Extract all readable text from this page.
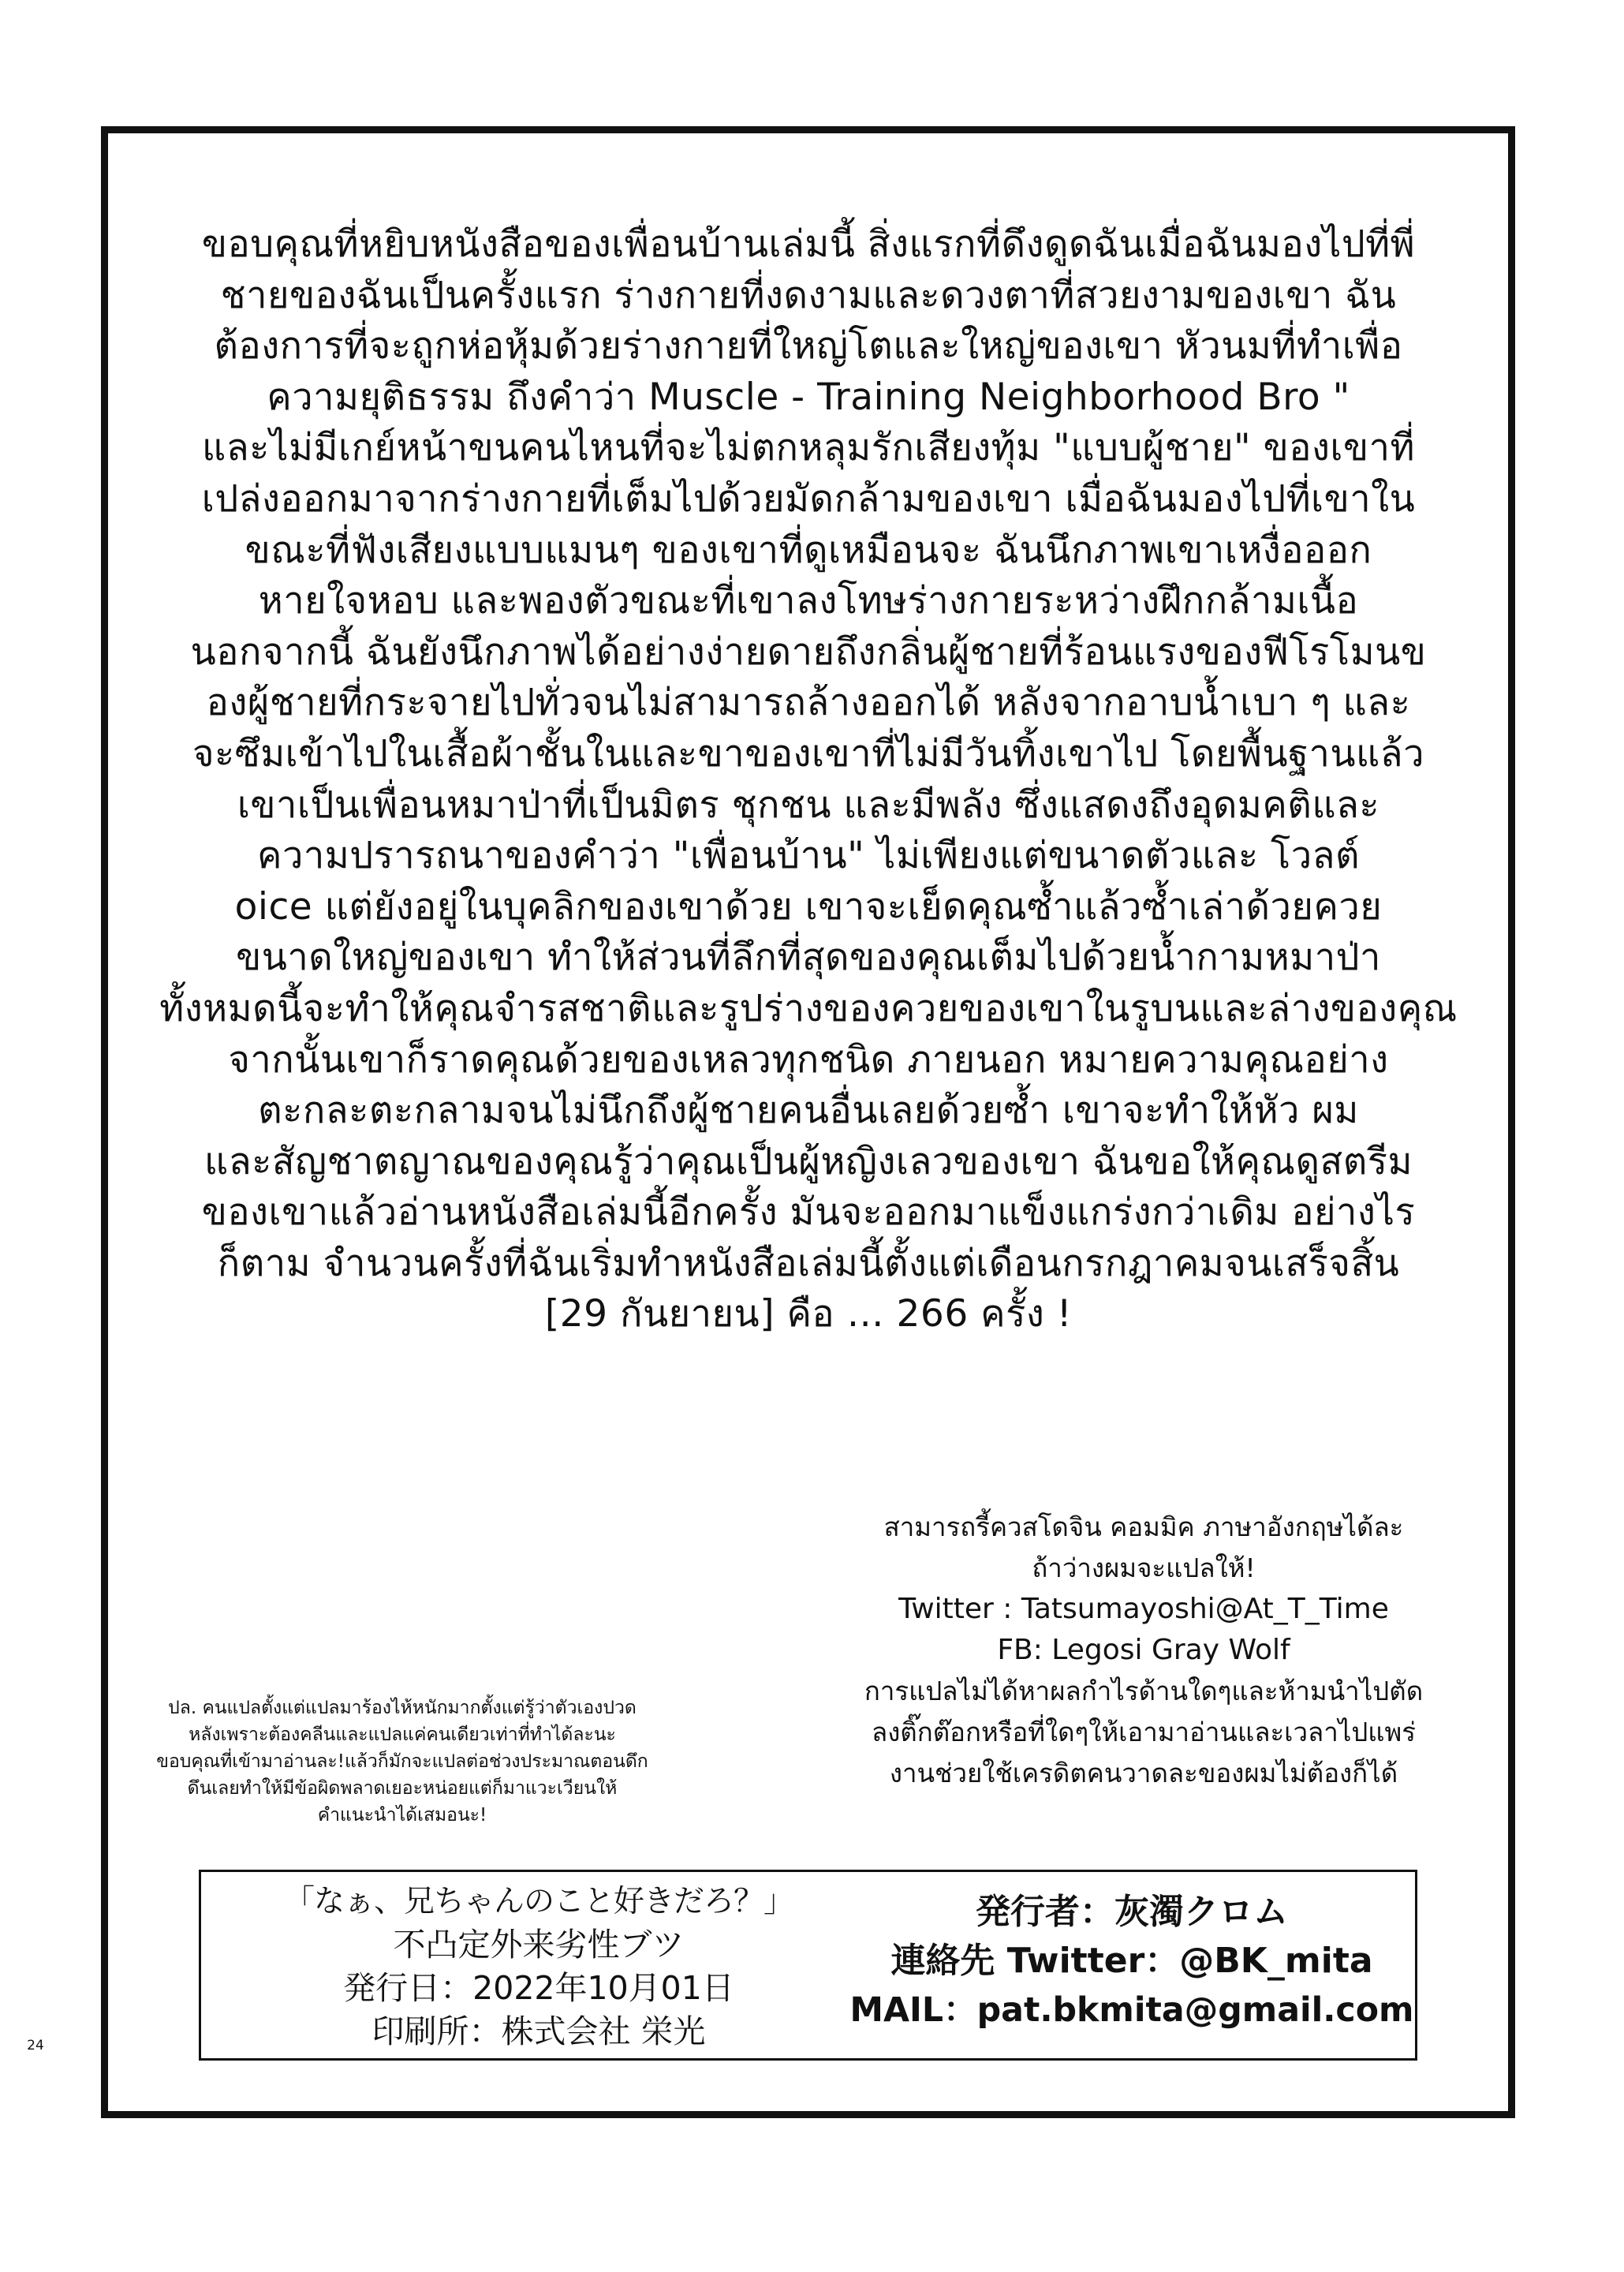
ขอบคุณที่หยิบหนังสือของเพื่อนบ้านเล่มนี้ สิ่งแรกที่ดึงดูดฉันเมื่อฉันมองไปที่พี่
ชายของฉันเป็นครั้งแรก ร่างกายที่งดงามและดวงตาที่สวยงามของเขา ฉัน
ต้องการที่จะถูกห่อหุ้มด้วยร่างกายที่ใหญ่โตและใหญ่ของเขา หัวนมที่ทำเพื่อ
ความยุติธรรม ถึงคำว่า Muscle - Training Neighborhood Bro "
และไม่มีเกย์หน้าขนคนไหนที่จะไม่ตกหลุมรักเสียงทุ้ม "แบบผู้ชาย" ของเขาที่
เปล่งออกมาจากร่างกายที่เต็มไปด้วยมัดกล้ามของเขา เมื่อฉันมองไปที่เขาใน
ขณะที่ฟังเสียงแบบแมนๆ ของเขาที่ดูเหมือนจะ ฉันนึกภาพเขาเหงื่อออก
หายใจหอบ และพองตัวขณะที่เขาลงโทษร่างกายระหว่างฝึกกล้ามเนื้อ
นอกจากนี้ ฉันยังนึกภาพได้อย่างง่ายดายถึงกลิ่นผู้ชายที่ร้อนแรงของฟีโรโมนข
องผู้ชายที่กระจายไปทั่วจนไม่สามารถล้างออกได้ หลังจากอาบน้ำเบา ๆ และ
จะซึมเข้าไปในเสื้อผ้าชั้นในและขาของเขาที่ไม่มีวันทิ้งเขาไป โดยพื้นฐานแล้ว
เขาเป็นเพื่อนหมาป่าที่เป็นมิตร ชุกชน และมีพลัง ซึ่งแสดงถึงอุดมคติและ
ความปรารถนาของคำว่า "เพื่อนบ้าน" ไม่เพียงแต่ขนาดตัวและ โวลต์
oice แต่ยังอยู่ในบุคลิกของเขาด้วย เขาจะเย็ดคุณซ้ำแล้วซ้ำเล่าด้วยควย
ขนาดใหญ่ของเขา ทำให้ส่วนที่ลึกที่สุดของคุณเต็มไปด้วยน้ำกามหมาป่า
ทั้งหมดนี้จะทำให้คุณจำรสชาติและรูปร่างของควยของเขาในรูบนและล่างของคุณ
จากนั้นเขาก็ราดคุณด้วยของเหลวทุกชนิด ภายนอก หมายความคุณอย่าง
ตะกละตะกลามจนไม่นึกถึงผู้ชายคนอื่นเลยด้วยซ้ำ เขาจะทำให้หัว ผม
และสัญชาตญาณของคุณรู้ว่าคุณเป็นผู้หญิงเลวของเขา ฉันขอให้คุณดูสตรีม
ของเขาแล้วอ่านหนังสือเล่มนี้อีกครั้ง มันจะออกมาแข็งแกร่งกว่าเดิม อย่างไร
ก็ตาม จำนวนครั้งที่ฉันเริ่มทำหนังสือเล่มนี้ตั้งแต่เดือนกรกฎาคมจนเสร็จสิ้น
[29 กันยายน] คือ … 266 ครั้ง !
สามารถรี้ควสโดจิน คอมมิค ภาษาอังกฤษได้ละ
ถ้าว่างผมจะแปลให้!
Twitter : Tatsumayoshi@At_T_Time
FB: Legosi Gray Wolf
การแปลไม่ได้หาผลกำไรด้านใดๆและห้ามนำไปตัด
ลงติ๊กต๊อกหรือที่ใดๆให้เอามาอ่านและเวลาไปแพร่
งานช่วยใช้เครดิตคนวาดละของผมไม่ต้องก็ได้
ปล. คนแปลตั้งแต่แปลมาร้องไห้หนักมากตั้งแต่รู้ว่าตัวเองปวด
หลังเพราะต้องคลีนและแปลแค่คนเดียวเท่าที่ทำได้ละนะ
ขอบคุณที่เข้ามาอ่านละ!แล้วก็มักจะแปลต่อช่วงประมาณตอนดึก
ดึนเลยทำให้มีข้อผิดพลาดเยอะหน่อยแต่ก็มาแวะเวียนให้
คำแนะนำได้เสมอนะ!
「なぁ、兄ちゃんのこと好きだろ？」
不凸定外来劣性ブツ
発行日：2022年10月01日
印刷所：株式会社 栄光
発行者：灰濁クロム
連絡先 Twitter：@BK_mita
MAIL：pat.bkmita@gmail.com
24
